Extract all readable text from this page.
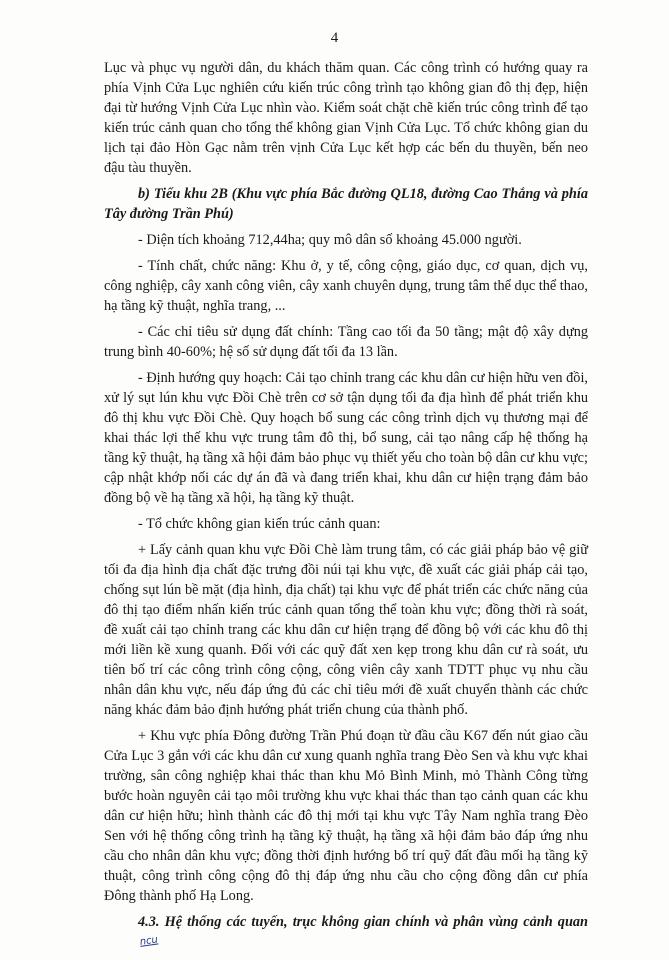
4

Lục và phục vụ người dân, du khách thăm quan. Các công trình có hướng quay ra phía Vịnh Cửa Lục nghiên cứu kiến trúc công trình tạo không gian đô thị đẹp, hiện đại từ hướng Vịnh Cửa Lục nhìn vào. Kiểm soát chặt chẽ kiến trúc công trình để tạo kiến trúc cảnh quan cho tổng thể không gian Vịnh Cửa Lục. Tổ chức không gian du lịch tại đảo Hòn Gạc nằm trên vịnh Cửa Lục kết hợp các bến du thuyền, bến neo đậu tàu thuyền.

b) Tiểu khu 2B (Khu vực phía Bắc đường QL18, đường Cao Thắng và phía Tây đường Trần Phú)

- Diện tích khoảng 712,44ha; quy mô dân số khoảng 45.000 người.

- Tính chất, chức năng: Khu ở, y tế, công cộng, giáo dục, cơ quan, dịch vụ, công nghiệp, cây xanh công viên, cây xanh chuyên dụng, trung tâm thể dục thể thao, hạ tầng kỹ thuật, nghĩa trang, ...

- Các chỉ tiêu sử dụng đất chính: Tầng cao tối đa 50 tầng; mật độ xây dựng trung bình 40-60%; hệ số sử dụng đất tối đa 13 lần.

- Định hướng quy hoạch: Cải tạo chỉnh trang các khu dân cư hiện hữu ven đồi, xử lý sụt lún khu vực Đồi Chè trên cơ sở tận dụng tối đa địa hình để phát triển khu đô thị khu vực Đồi Chè. Quy hoạch bổ sung các công trình dịch vụ thương mại để khai thác lợi thế khu vực trung tâm đô thị, bổ sung, cải tạo nâng cấp hệ thống hạ tầng kỹ thuật, hạ tầng xã hội đảm bảo phục vụ thiết yếu cho toàn bộ dân cư khu vực; cập nhật khớp nối các dự án đã và đang triển khai, khu dân cư hiện trạng đảm bảo đồng bộ về hạ tầng xã hội, hạ tầng kỹ thuật.

- Tổ chức không gian kiến trúc cảnh quan:

+ Lấy cảnh quan khu vực Đồi Chè làm trung tâm, có các giải pháp bảo vệ giữ tối đa địa hình địa chất đặc trưng đồi núi tại khu vực, đề xuất các giải pháp cải tạo, chống sụt lún bề mặt (địa hình, địa chất) tại khu vực để phát triển các chức năng của đô thị tạo điểm nhấn kiến trúc cảnh quan tổng thể toàn khu vực; đồng thời rà soát, đề xuất cải tạo chỉnh trang các khu dân cư hiện trạng để đồng bộ với các khu đô thị mới liền kề xung quanh. Đối với các quỹ đất xen kẹp trong khu dân cư rà soát, ưu tiên bố trí các công trình công cộng, công viên cây xanh TDTT phục vụ nhu cầu nhân dân khu vực, nếu đáp ứng đủ các chỉ tiêu mới đề xuất chuyển thành các chức năng khác đảm bảo định hướng phát triển chung của thành phố.

+ Khu vực phía Đông đường Trần Phú đoạn từ đầu cầu K67 đến nút giao cầu Cửa Lục 3 gắn với các khu dân cư xung quanh nghĩa trang Đèo Sen và khu vực khai trường, sân công nghiệp khai thác than khu Mỏ Bình Minh, mỏ Thành Công từng bước hoàn nguyên cải tạo môi trường khu vực khai thác than tạo cảnh quan các khu dân cư hiện hữu; hình thành các đô thị mới tại khu vực Tây Nam nghĩa trang Đèo Sen với hệ thống công trình hạ tầng kỹ thuật, hạ tầng xã hội đảm bảo đáp ứng nhu cầu cho nhân dân khu vực; đồng thời định hướng bố trí quỹ đất đầu mối hạ tầng kỹ thuật, công trình công cộng đô thị đáp ứng nhu cầu cho cộng đồng dân cư phía Đông thành phố Hạ Long.

4.3. Hệ thống các tuyến, trục không gian chính và phân vùng cảnh quanncu
